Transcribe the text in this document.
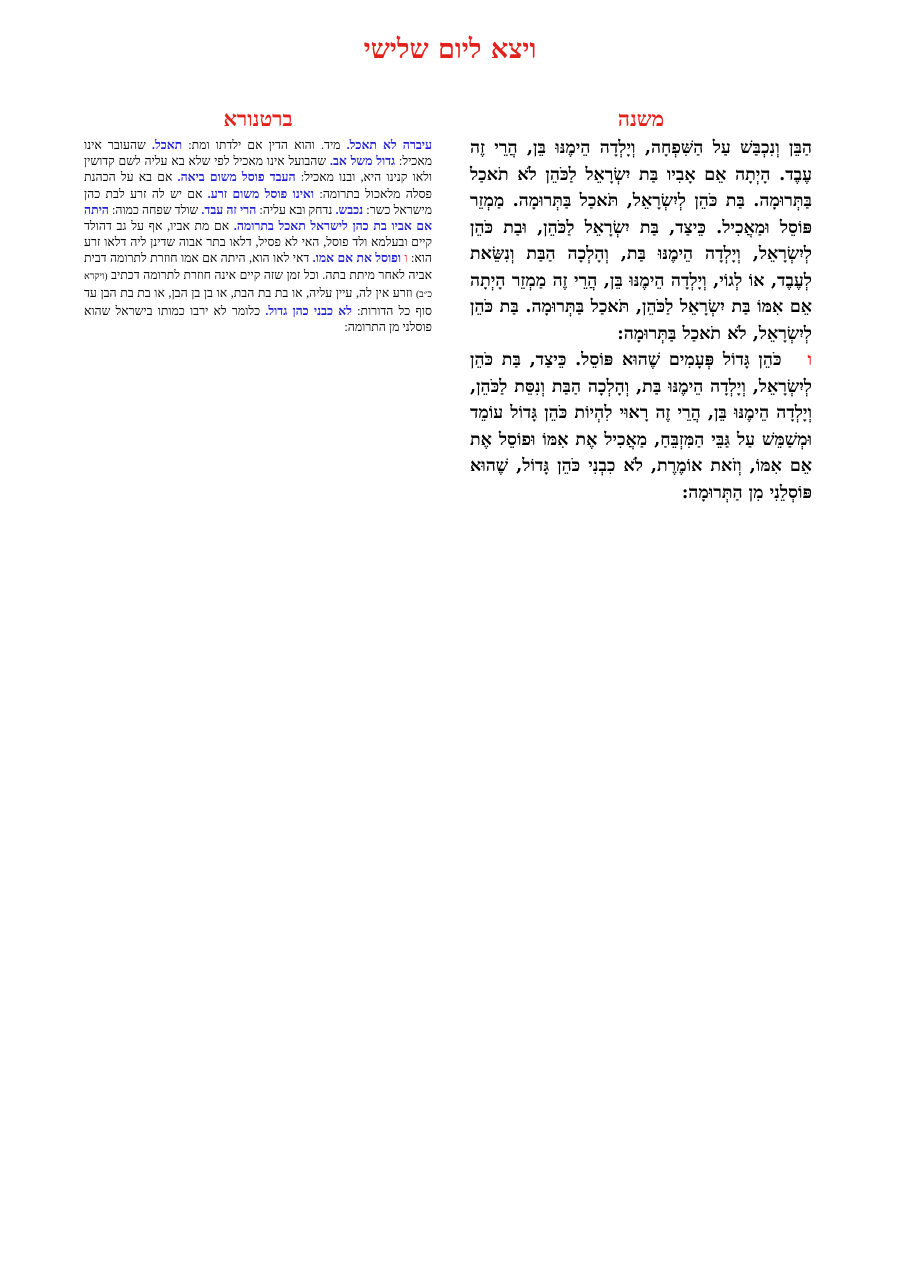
ויצא ליום שלישי
משנה
ברטנורא

הַבֵּן וְנִכְבַּשׁ עַל הַשִּׁפְחָה, וְיָלְדָה הֵימֶנּוּ בֵּן, הֲרֵי זֶה עֶבֶד. הָיְתָה אֵם אָבִיו בַּת יִשְׂרָאֵל לַכֹּהֵן לֹא תֹאכַל בַּתְּרוּמָה. בַּת כֹּהֵן לְיִשְׂרָאֵל, תֹּאכַל בַּתְּרוּמָה. מַמְזֵר פּוֹסֵל וּמַאֲכִיל. כֵּיצַד, בַּת יִשְׂרָאֵל לַכֹּהֵן, וּבַת כֹּהֵן לְיִשְׂרָאֵל, וְיָלְדָה הֵימֶנּוּ בַּת, וְהָלְכָה הַבַּת וְנִשֵּׂאת לְעֶבֶד, אוֹ לְגוֹי, וְיָלְדָה הֵימֶנּוּ בֵּן, הֲרֵי זֶה מַמְזֵר הָיְתָה אֵם אִמּוֹ בַּת יִשְׂרָאֵל לַכֹּהֵן, תֹּאכַל בַּתְּרוּמָה. בַּת כֹּהֵן לְיִשְׂרָאֵל, לֹא תֹאכַל בַּתְּרוּמָה:

וכֹּהֵן גָּדוֹל פְּעָמִים שֶׁהוּא פּוֹסֵל. כֵּיצַד, בַּת כֹּהֵן לְיִשְׂרָאֵל, וְיָלְדָה הֵימֶנּוּ בַּת, וְהָלְכָה הַבַּת וְנִסֵּת לַכֹּהֵן, וְיָלְדָה הֵימֶנּוּ בֵּן, הֲרֵי זֶה רָאוּי לִהְיוֹת כֹּהֵן גָּדוֹל עוֹמֵד וּמְשַׁמֵּשׁ עַל גַּבֵּי הַמִּזְבֵּחַ, מַאֲכִיל אֶת אִמּוֹ וּפוֹסֵל אֶת אֵם אִמּוֹ, וְזֹאת אוֹמֶרֶת, לֹא כִבְנִי כֹּהֵן גָּדוֹל, שֶׁהוּא פּוֹסְלֵנִי מִן הַתְּרוּמָה:

עיברה לא תאכל. מיד. והוא הדין אם ילדתו ומת: תאכל. שהעובר אינו מאכיל: גדול משל אב. שהבועל אינו מאכיל לפי שלא בא עליה לשם קדושין ולאו קנינו היא, ובנו מאכיל: העבד פוסל משום ביאה. אם בא על הכהנת פסלה מלאכול בתרומה: ואינו פוסל משום זרע. אם יש לה זרע לבת כהן מישראל כשר: נכבש. נדחק ובא עליה: הרי זה עבד. שולד שפחה כמוה: היתה אם אביו בת כהן לישראל תאכל בתרומה. אם מת אביו, אף על גב דהולד קיים ובעלמא ולד פוסל, האי לא פסיל, דלאו בתר אבוה שדינן ליה דלאו זרע הוא: ו ופוסל את אם אמו. דאי לאו הוא, היתה אם אמו חוזרת לתרומה דבית אביה לאחר מיתת בתה. וכל זמן שזה קיים אינה חוזרת לתרומה דכתיב (ויקרא כ״ב) וזרע אין לה, עיין עליה, או בת בת הבת, או בן בן הבן, או בת בת הבן עד סוף כל הדורות: לא כבני כהן גדול. כלומר לא ירבו כמותו בישראל שהוא פוסלני מן התרומה:
